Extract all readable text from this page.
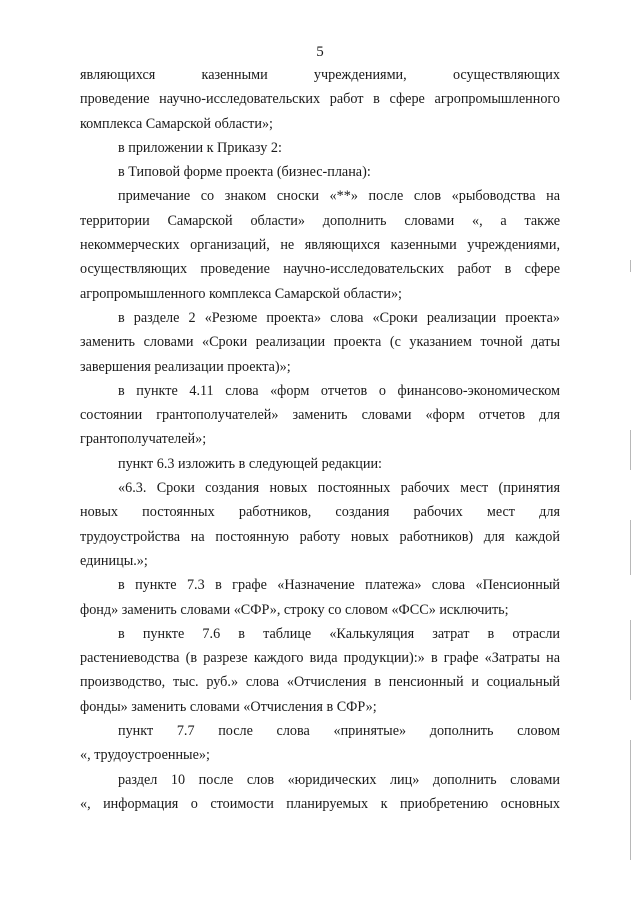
5
являющихся казенными учреждениями, осуществляющих
проведение научно-исследовательских работ в сфере агропромышленного
комплекса Самарской области»;
в приложении к Приказу 2:
в Типовой форме проекта (бизнес-плана):
примечание со знаком сноски «**» после слов «рыбоводства на
территории Самарской области» дополнить словами «, а также
некоммерческих организаций, не являющихся казенными учреждениями,
осуществляющих проведение научно-исследовательских работ в сфере
агропромышленного комплекса Самарской области»;
в разделе 2 «Резюме проекта» слова «Сроки реализации проекта»
заменить словами «Сроки реализации проекта (с указанием точной даты
завершения реализации проекта)»;
в пункте 4.11 слова «форм отчетов о финансово-экономическом
состоянии грантополучателей» заменить словами «форм отчетов для
грантополучателей»;
пункт 6.3 изложить в следующей редакции:
«6.3. Сроки создания новых постоянных рабочих мест (принятия
новых постоянных работников, создания рабочих мест для
трудоустройства на постоянную работу новых работников) для каждой
единицы.»;
в пункте 7.3 в графе «Назначение платежа» слова «Пенсионный
фонд» заменить словами «СФР», строку со словом «ФСС» исключить;
в пункте 7.6 в таблице «Калькуляция затрат в отрасли
растениеводства (в разрезе каждого вида продукции):» в графе «Затраты на
производство, тыс. руб.» слова «Отчисления в пенсионный и социальный
фонды» заменить словами «Отчисления в СФР»;
пункт 7.7 после слова «принятые» дополнить словом
«, трудоустроенные»;
раздел 10 после слов «юридических лиц» дополнить словами
«, информация о стоимости планируемых к приобретению основных
